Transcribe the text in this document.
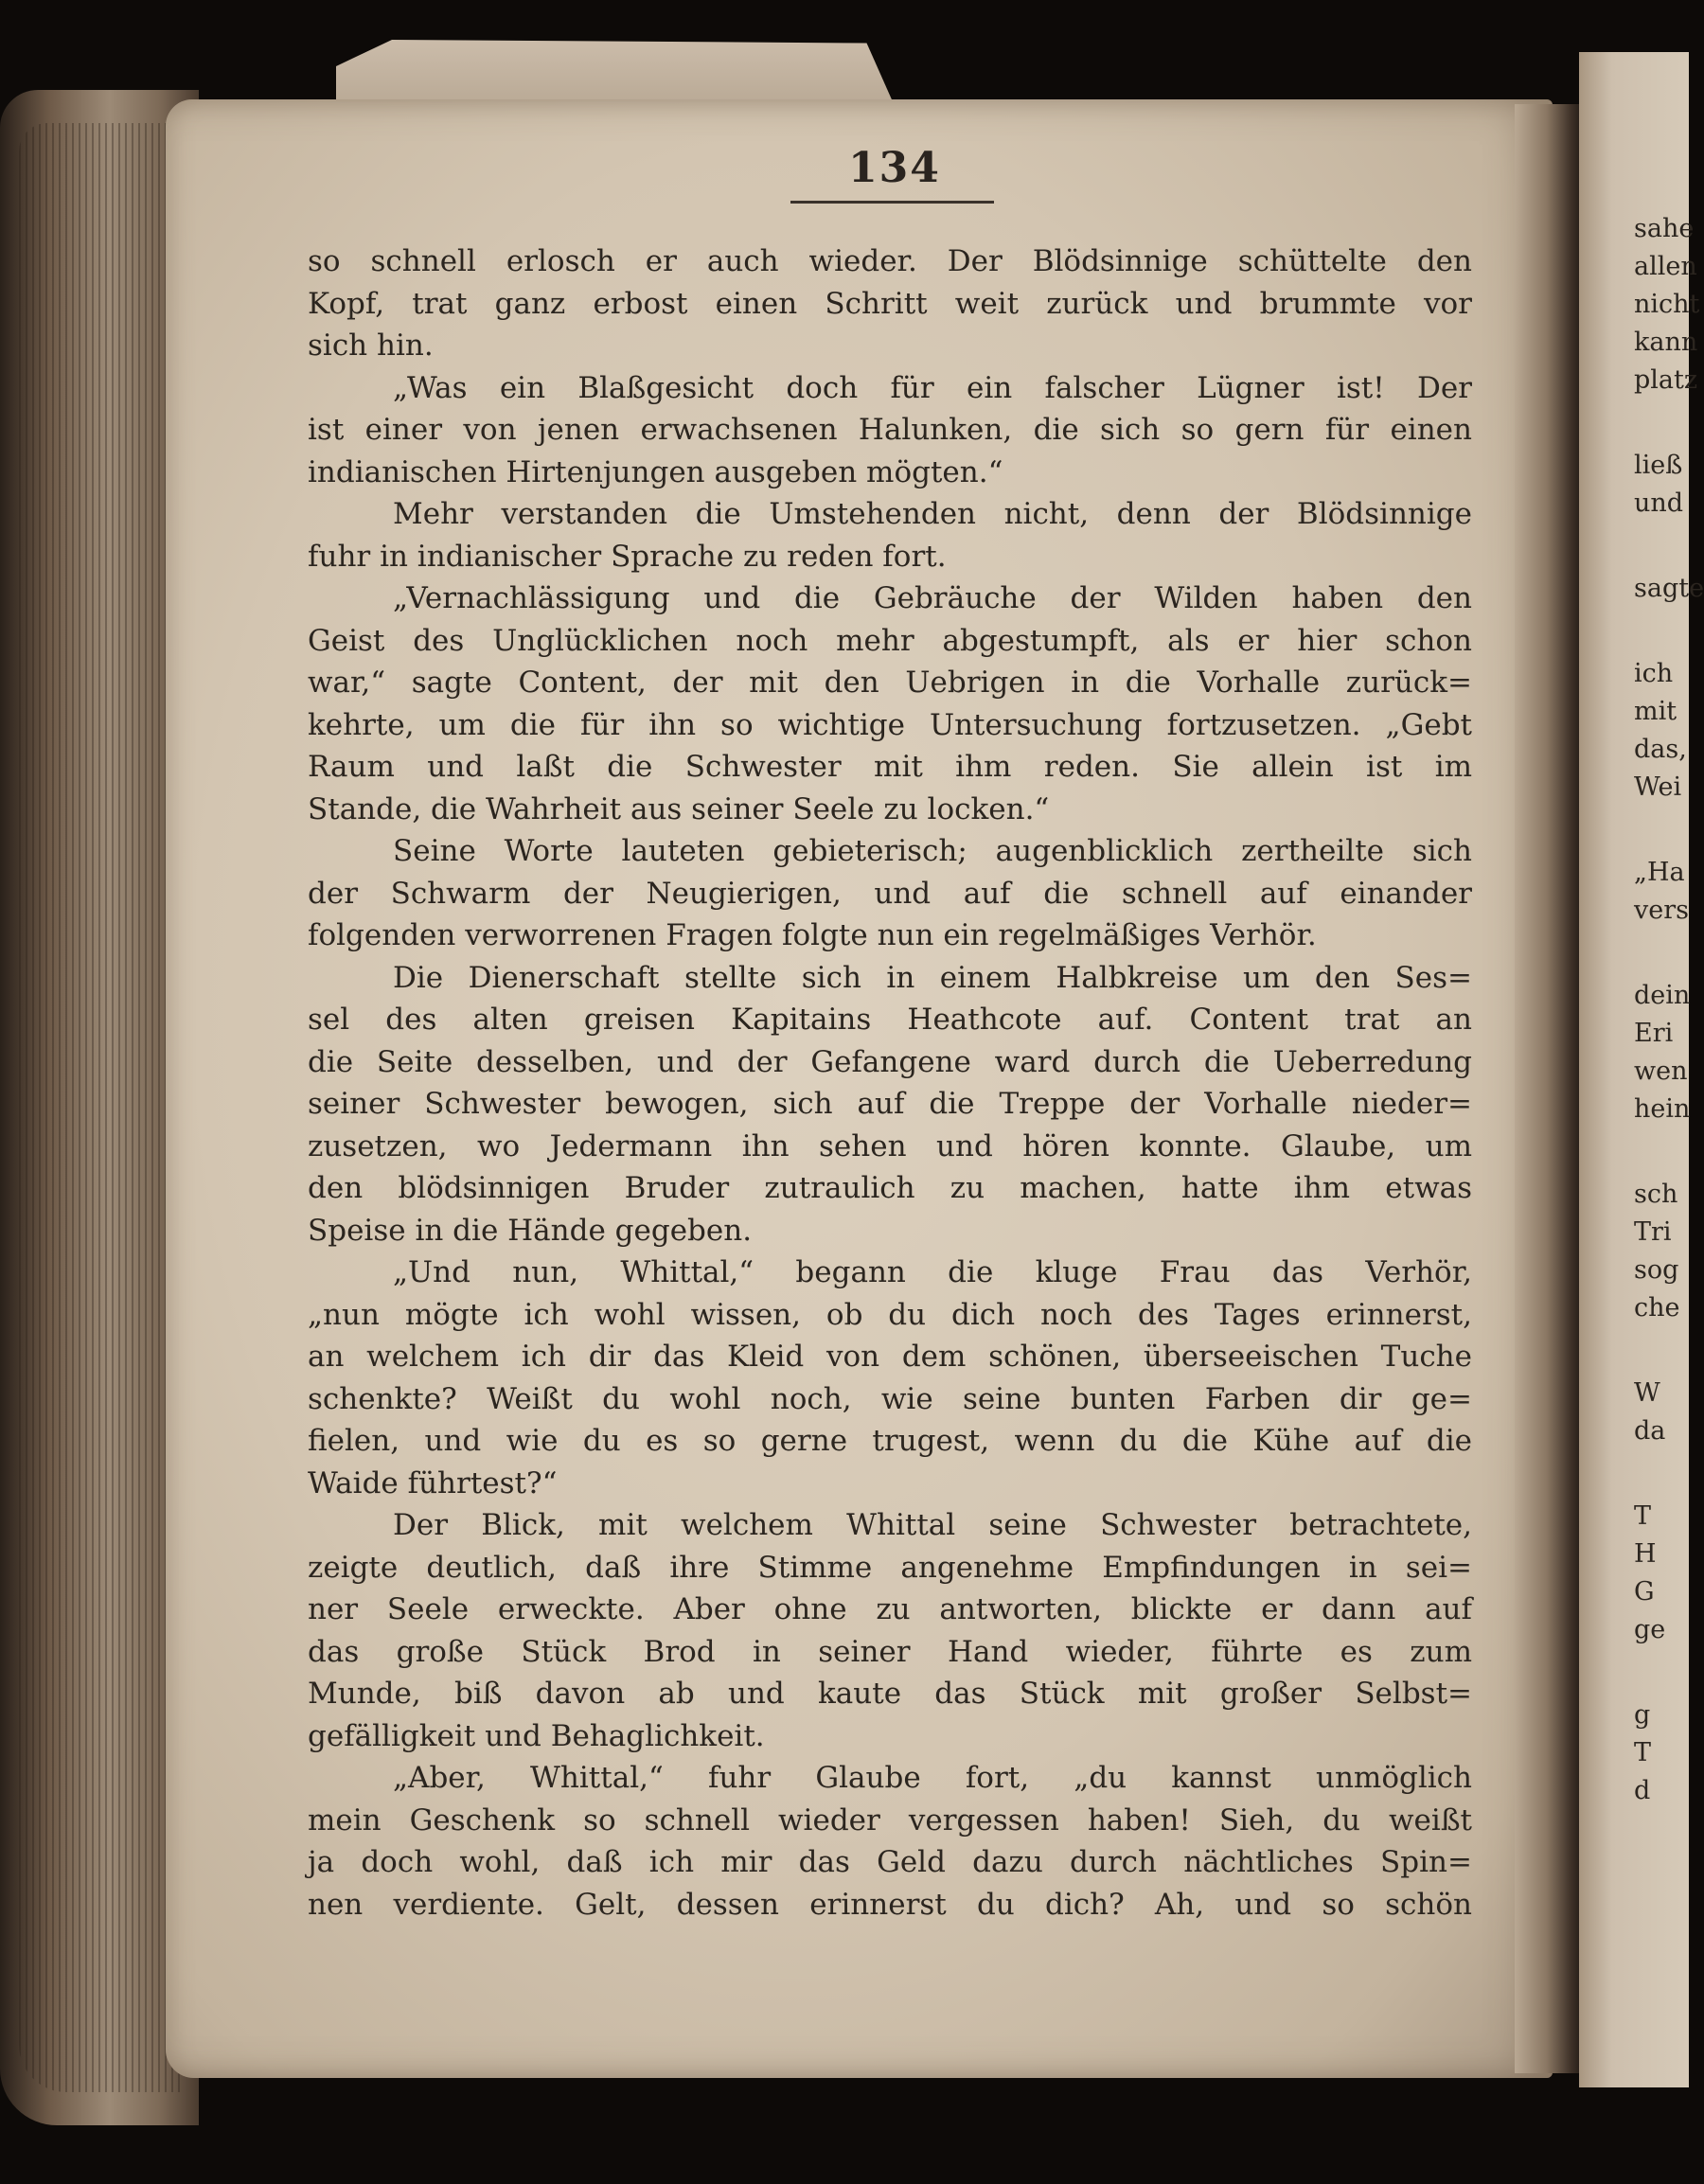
134
so schnell erlosch er auch wieder. Der Blödsinnige schüttelte den
Kopf, trat ganz erbost einen Schritt weit zurück und brummte vor
sich hin.
„Was ein Blaßgesicht doch für ein falscher Lügner ist! Der
ist einer von jenen erwachsenen Halunken, die sich so gern für einen
indianischen Hirtenjungen ausgeben mögten.“
Mehr verstanden die Umstehenden nicht, denn der Blödsinnige
fuhr in indianischer Sprache zu reden fort.
„Vernachlässigung und die Gebräuche der Wilden haben den
Geist des Unglücklichen noch mehr abgestumpft, als er hier schon
war,“ sagte Content, der mit den Uebrigen in die Vorhalle zurück=
kehrte, um die für ihn so wichtige Untersuchung fortzusetzen. „Gebt
Raum und laßt die Schwester mit ihm reden. Sie allein ist im
Stande, die Wahrheit aus seiner Seele zu locken.“
Seine Worte lauteten gebieterisch; augenblicklich zertheilte sich
der Schwarm der Neugierigen, und auf die schnell auf einander
folgenden verworrenen Fragen folgte nun ein regelmäßiges Verhör.
Die Dienerschaft stellte sich in einem Halbkreise um den Ses=
sel des alten greisen Kapitains Heathcote auf. Content trat an
die Seite desselben, und der Gefangene ward durch die Ueberredung
seiner Schwester bewogen, sich auf die Treppe der Vorhalle nieder=
zusetzen, wo Jedermann ihn sehen und hören konnte. Glaube, um
den blödsinnigen Bruder zutraulich zu machen, hatte ihm etwas
Speise in die Hände gegeben.
„Und nun, Whittal,“ begann die kluge Frau das Verhör,
„nun mögte ich wohl wissen, ob du dich noch des Tages erinnerst,
an welchem ich dir das Kleid von dem schönen, überseeischen Tuche
schenkte? Weißt du wohl noch, wie seine bunten Farben dir ge=
fielen, und wie du es so gerne trugest, wenn du die Kühe auf die
Waide führtest?“
Der Blick, mit welchem Whittal seine Schwester betrachtete,
zeigte deutlich, daß ihre Stimme angenehme Empfindungen in sei=
ner Seele erweckte. Aber ohne zu antworten, blickte er dann auf
das große Stück Brod in seiner Hand wieder, führte es zum
Munde, biß davon ab und kaute das Stück mit großer Selbst=
gefälligkeit und Behaglichkeit.
„Aber, Whittal,“ fuhr Glaube fort, „du kannst unmöglich
mein Geschenk so schnell wieder vergessen haben! Sieh, du weißt
ja doch wohl, daß ich mir das Geld dazu durch nächtliches Spin=
nen verdiente. Gelt, dessen erinnerst du dich? Ah, und so schön
sahe
allen
nicht
kann
platz
ließ
und
sagte
ich
mit
das,
Wei
„Ha
vers
dein
Eri
wen
hein
sch
Tri
sog
che
W
da
T
H
G
ge
g
T
d
